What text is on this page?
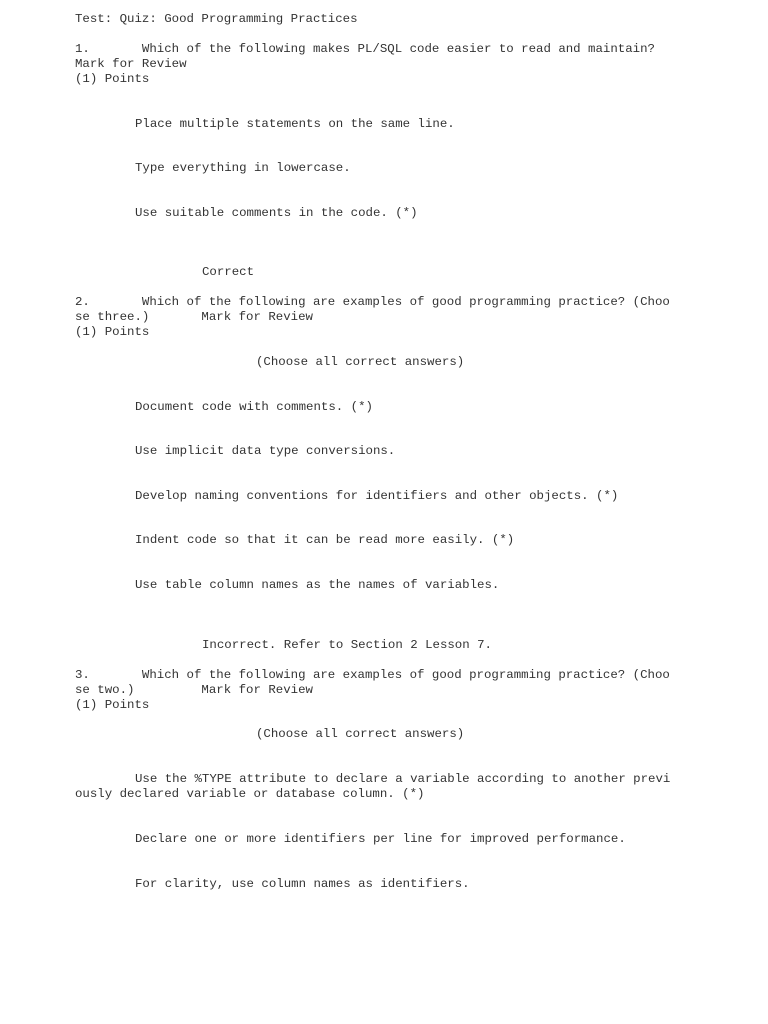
Test: Quiz: Good Programming Practices
1.       Which of the following makes PL/SQL code easier to read and maintain?
Mark for Review
(1) Points
Place multiple statements on the same line.
Type everything in lowercase.
Use suitable comments in the code. (*)
Correct
2.       Which of the following are examples of good programming practice? (Choo
se three.)       Mark for Review
(1) Points
(Choose all correct answers)
Document code with comments. (*)
Use implicit data type conversions.
Develop naming conventions for identifiers and other objects. (*)
Indent code so that it can be read more easily. (*)
Use table column names as the names of variables.
Incorrect. Refer to Section 2 Lesson 7.
3.       Which of the following are examples of good programming practice? (Choo
se two.)         Mark for Review
(1) Points
(Choose all correct answers)
Use the %TYPE attribute to declare a variable according to another previ
ously declared variable or database column. (*)
Declare one or more identifiers per line for improved performance.
For clarity, use column names as identifiers.
